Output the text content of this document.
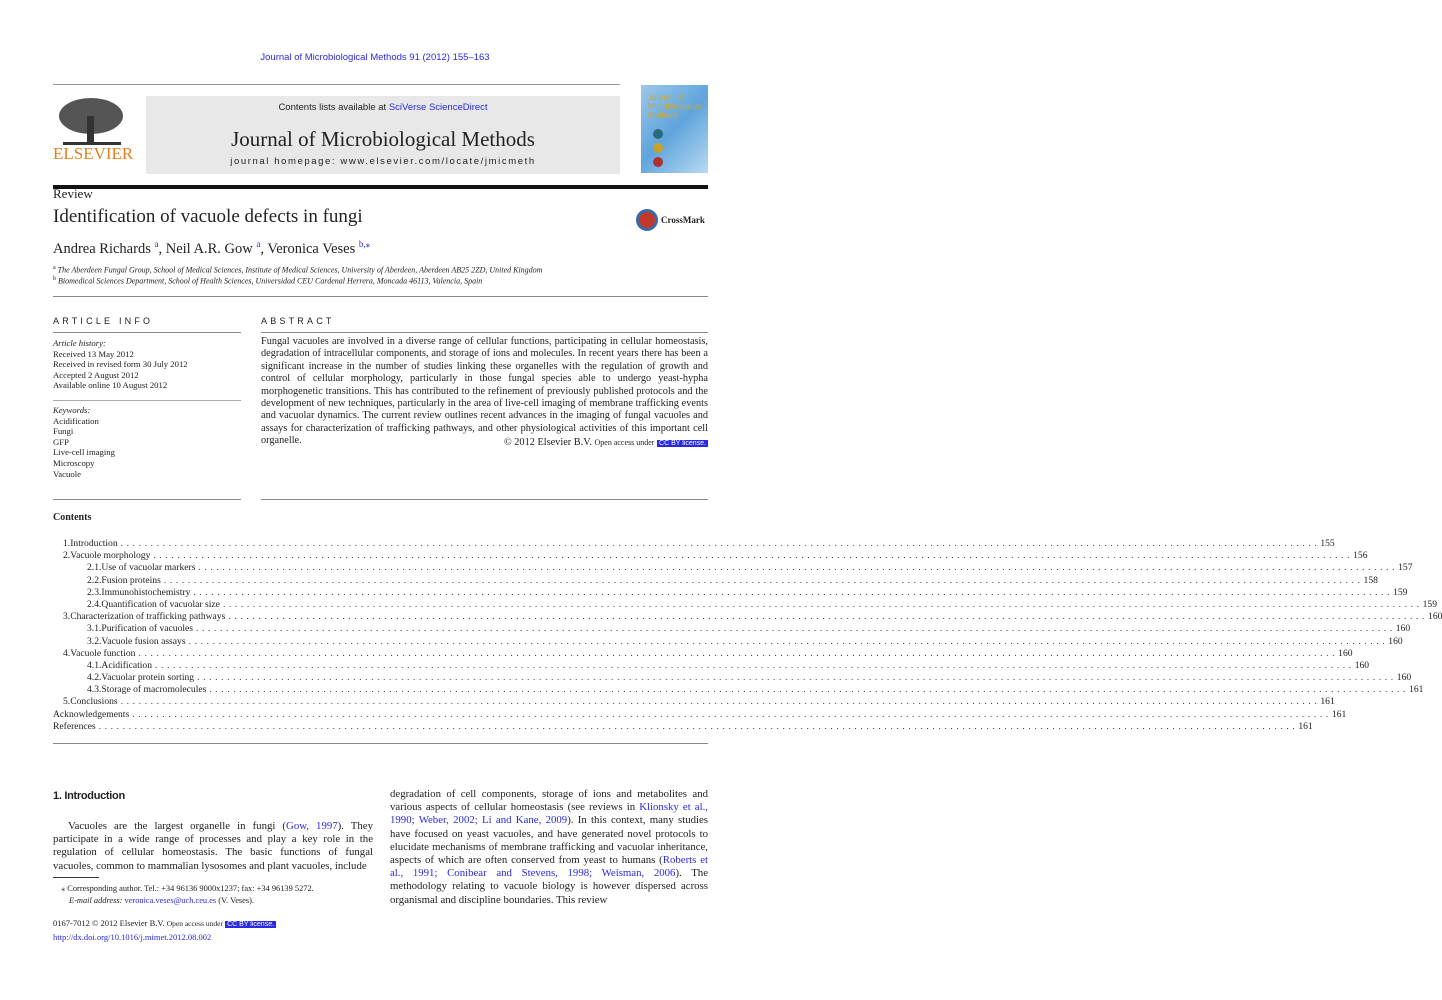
Journal of Microbiological Methods 91 (2012) 155–163
ELSEVIER
Contents lists available at SciVerse ScienceDirect
Journal of Microbiological Methods
journal homepage: www.elsevier.com/locate/jmicmeth
Journal of Microbiological Methods
Review
Identification of vacuole defects in fungi	CrossMark
Andrea Richards $^a$, Neil A.R. Gow $^a$, Veronica Veses $^{b,⁎}$
$^a$ The Aberdeen Fungal Group, School of Medical Sciences, Institute of Medical Sciences, University of Aberdeen, Aberdeen AB25 2ZD, United Kingdom
$^b$ Biomedical Sciences Department, School of Health Sciences, Universidad CEU Cardenal Herrera, Moncada 46113, Valencia, Spain
ARTICLE INFO	ABSTRACT
Article history:
Received 13 May 2012
Received in revised form 30 July 2012
Accepted 2 August 2012
Available online 10 August 2012
Keywords:
Acidification
Fungi
GFP
Live-cell imaging
Microscopy
Vacuole
Fungal vacuoles are involved in a diverse range of cellular functions, participating in cellular homeostasis, degradation of intracellular components, and storage of ions and molecules. In recent years there has been a significant increase in the number of studies linking these organelles with the regulation of growth and control of cellular morphology, particularly in those fungal species able to undergo yeast-hypha morphogenetic transitions. This has contributed to the refinement of previously published protocols and the development of new techniques, particularly in the area of live-cell imaging of membrane trafficking events and vacuolar dynamics. The current review outlines recent advances in the imaging of fungal vacuoles and assays for characterization of trafficking pathways, and other physiological activities of this important cell organelle.	© 2012 Elsevier B.V. Open access under CC BY license.
Contents
1. Introduction ........................................................................................................................................................................................................ 155
2. Vacuole morphology ........................................................................................................................................................................................................ 156
2.1. Use of vacuolar markers ........................................................................................................................................................................................................ 157
2.2. Fusion proteins ........................................................................................................................................................................................................ 158
2.3. Immunohistochemistry ........................................................................................................................................................................................................ 159
2.4. Quantification of vacuolar size ........................................................................................................................................................................................................ 159
3. Characterization of trafficking pathways ........................................................................................................................................................................................................ 160
3.1. Purification of vacuoles ........................................................................................................................................................................................................ 160
3.2. Vacuole fusion assays ........................................................................................................................................................................................................ 160
4. Vacuole function ........................................................................................................................................................................................................ 160
4.1. Acidification ........................................................................................................................................................................................................ 160
4.2. Vacuolar protein sorting ........................................................................................................................................................................................................ 160
4.3. Storage of macromolecules ........................................................................................................................................................................................................ 161
5. Conclusions ........................................................................................................................................................................................................ 161
Acknowledgements ........................................................................................................................................................................................................ 161
References ........................................................................................................................................................................................................ 161
1. Introduction
Vacuoles are the largest organelle in fungi (Gow, 1997). They participate in a wide range of processes and play a key role in the regulation of cellular homeostasis. The basic functions of fungal vacuoles, common to mammalian lysosomes and plant vacuoles, include
degradation of cell components, storage of ions and metabolites and various aspects of cellular homeostasis (see reviews in Klionsky et al., 1990; Weber, 2002; Li and Kane, 2009). In this context, many studies have focused on yeast vacuoles, and have generated novel protocols to elucidate mechanisms of membrane trafficking and vacuolar inheritance, aspects of which are often conserved from yeast to humans (Roberts et al., 1991; Conibear and Stevens, 1998; Weisman, 2006). The methodology relating to vacuole biology is however dispersed across organismal and discipline boundaries. This review
⁎ Corresponding author. Tel.: +34 96136 9000x1237; fax: +34 96139 5272.
E-mail address: veronica.veses@uch.ceu.es (V. Veses).
0167-7012 © 2012 Elsevier B.V. Open access under CC BY license.
http://dx.doi.org/10.1016/j.mimet.2012.08.002
